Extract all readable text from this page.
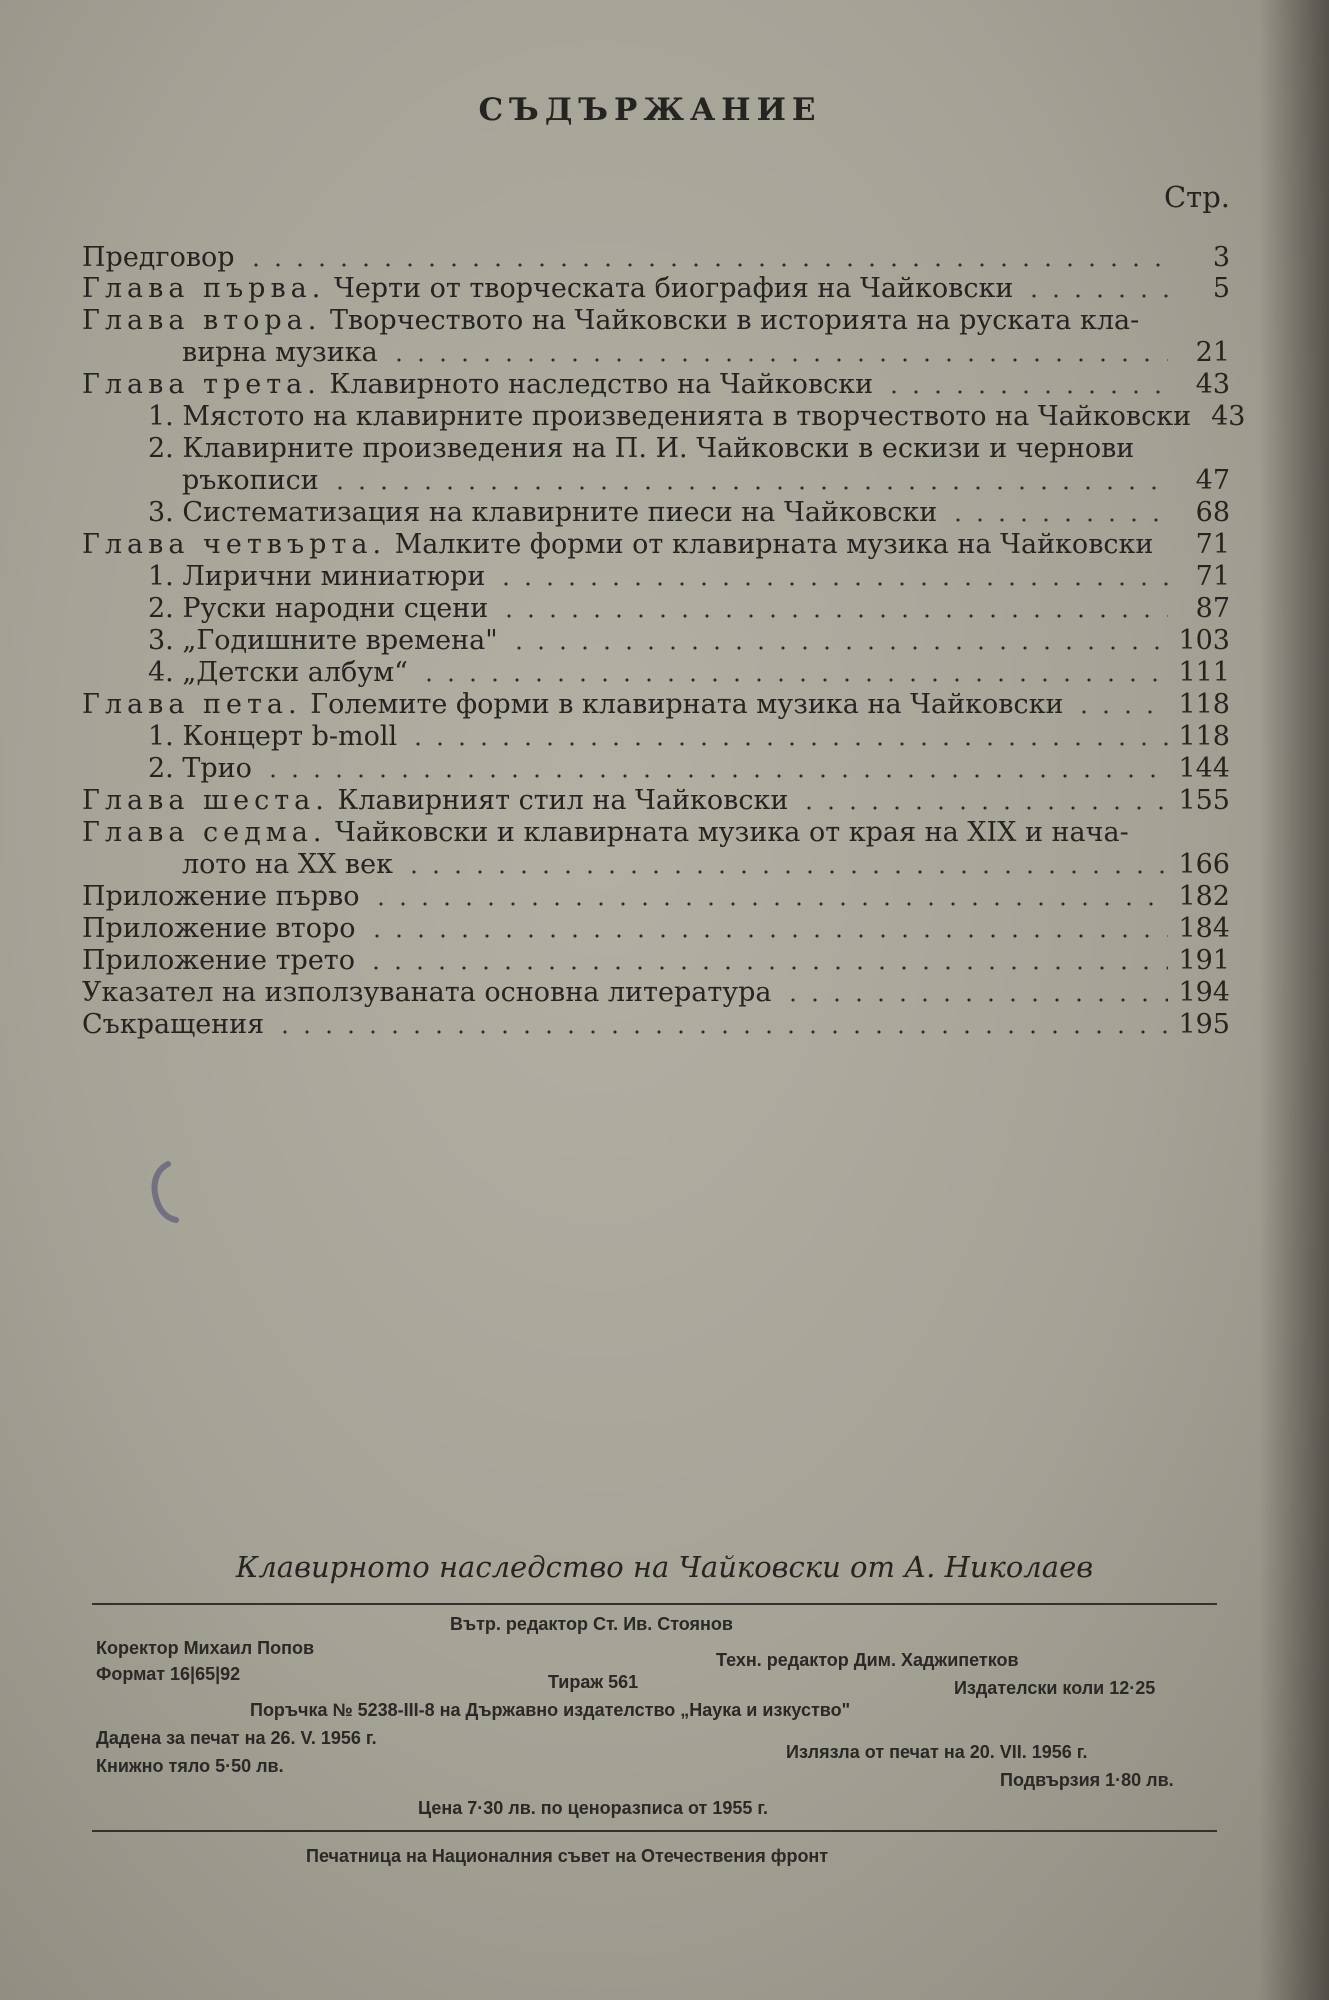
СЪДЪРЖАНИЕ
Стр.
Предговор	3
Глава първа. Черти от творческата биография на Чайковски	5
Глава втора. Творчеството на Чайковски в историята на руската кла-
вирна музика	21
Глава трета. Клавирното наследство на Чайковски	43
1. Мястото на клавирните произведенията в творчеството на Чайковски 43
2. Клавирните произведения на П. И. Чайковски в ескизи и чернови
ръкописи	47
3. Систематизация на клавирните пиеси на Чайковски	68
Глава четвърта. Малките форми от клавирната музика на Чайковски	71
1. Лирични миниатюри	71
2. Руски народни сцени	87
3. „Годишните времена"	103
4. „Детски албум“	111
Глава пета. Големите форми в клавирната музика на Чайковски	118
1. Концерт b-moll	118
2. Трио	144
Глава шеста. Клавирният стил на Чайковски	155
Глава седма. Чайковски и клавирната музика от края на XIX и нача-
лото на XX век	166
Приложение първо	182
Приложение второ	184
Приложение трето	191
Указател на използуваната основна литература	194
Съкращения	195
Клавирното наследство на Чайковски от А. Николаев
Вътр. редактор Ст. Ив. Стоянов
Коректор Михаил Попов
Техн. редактор Дим. Хаджипетков
Формат 16|65|92	Тираж 561	Издателски коли 12·25
Поръчка № 5238-III-8 на Държавно издателство „Наука и изкуство"
Дадена за печат на 26. V. 1956 г.
Излязла от печат на 20. VII. 1956 г.
Книжно тяло 5·50 лв.
Подвързия 1·80 лв.
Цена 7·30 лв. по ценоразписа от 1955 г.
Печатница на Националния съвет на Отечествения фронт
